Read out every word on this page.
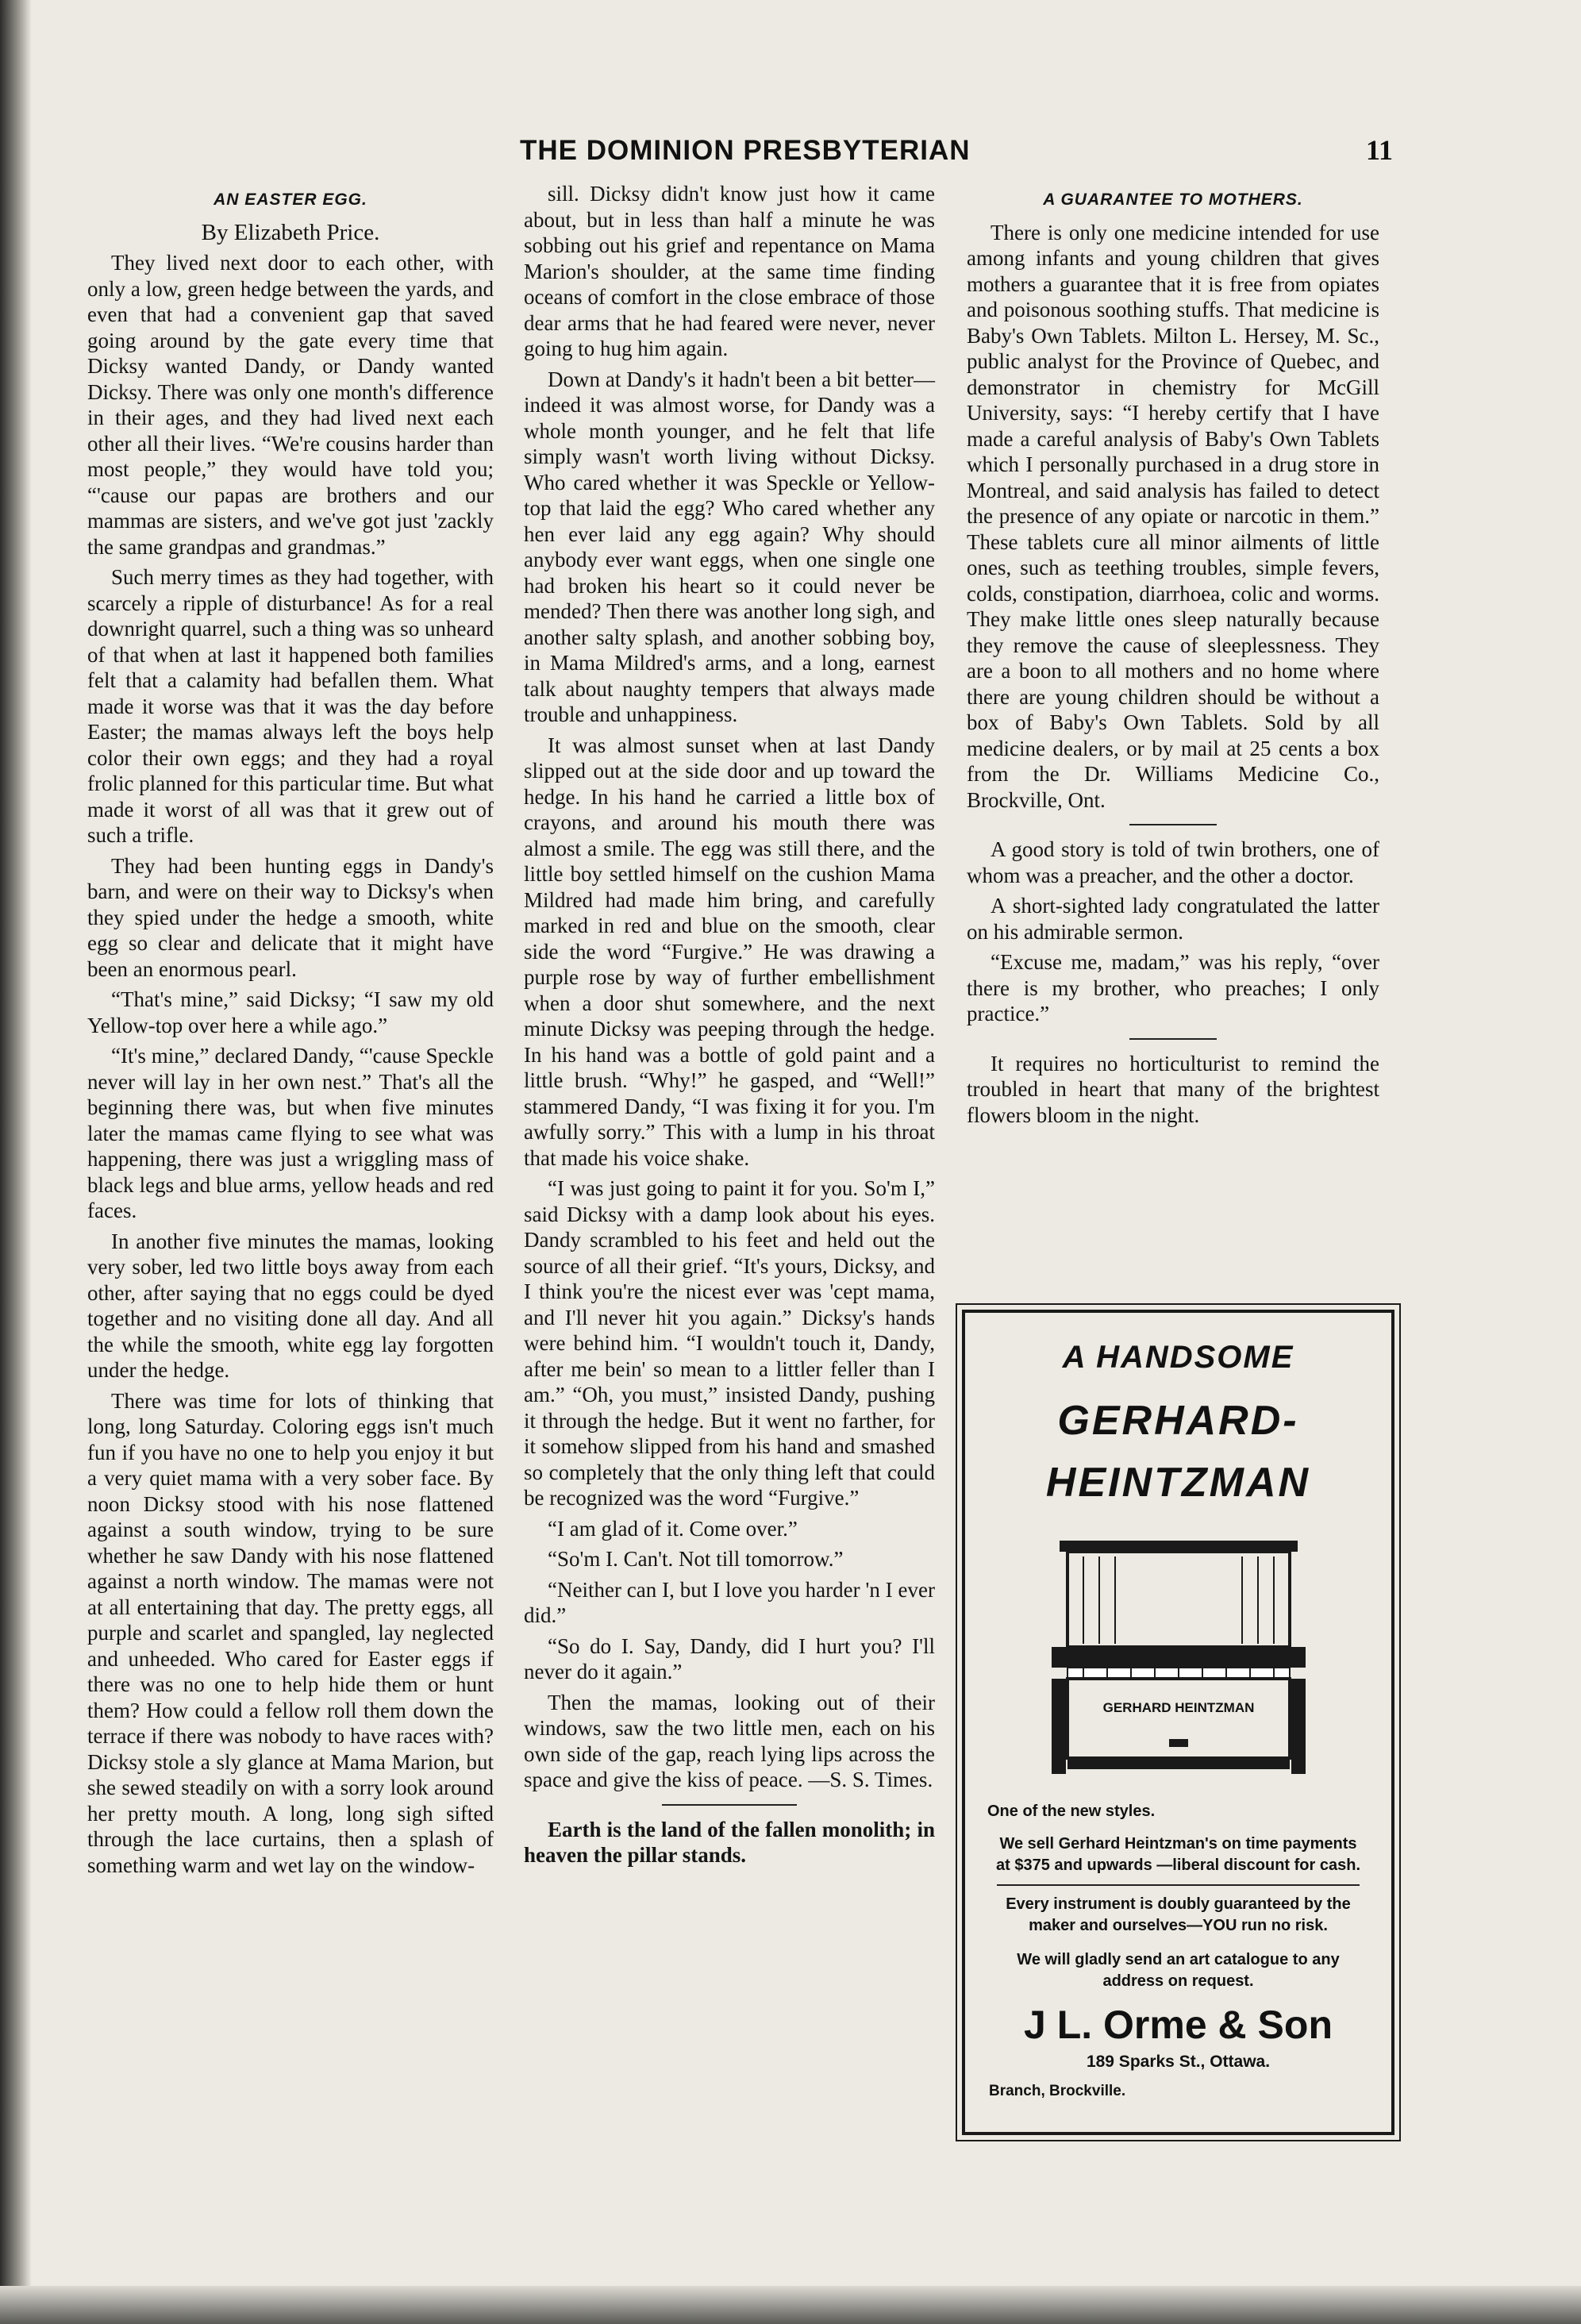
THE DOMINION PRESBYTERIAN	11
AN EASTER EGG.

By Elizabeth Price.

They lived next door to each other, with only a low, green hedge between the yards, and even that had a convenient gap that saved going around by the gate every time that Dicksy wanted Dandy, or Dandy wanted Dicksy. There was only one month's difference in their ages, and they had lived next each other all their lives. “We're cousins harder than most people,” they would have told you; “'cause our papas are brothers and our mammas are sisters, and we've got just 'zackly the same grandpas and grandmas.”

Such merry times as they had together, with scarcely a ripple of disturbance! As for a real downright quarrel, such a thing was so unheard of that when at last it happened both families felt that a calamity had befallen them. What made it worse was that it was the day before Easter; the mamas always left the boys help color their own eggs; and they had a royal frolic planned for this particular time. But what made it worst of all was that it grew out of such a trifle.

They had been hunting eggs in Dandy's barn, and were on their way to Dicksy's when they spied under the hedge a smooth, white egg so clear and delicate that it might have been an enormous pearl.

“That's mine,” said Dicksy; “I saw my old Yellow-top over here a while ago.”

“It's mine,” declared Dandy, “'cause Speckle never will lay in her own nest.” That's all the beginning there was, but when five minutes later the mamas came flying to see what was happening, there was just a wriggling mass of black legs and blue arms, yellow heads and red faces.

In another five minutes the mamas, looking very sober, led two little boys away from each other, after saying that no eggs could be dyed together and no visiting done all day. And all the while the smooth, white egg lay forgotten under the hedge.

There was time for lots of thinking that long, long Saturday. Coloring eggs isn't much fun if you have no one to help you enjoy it but a very quiet mama with a very sober face. By noon Dicksy stood with his nose flattened against a south window, trying to be sure whether he saw Dandy with his nose flattened against a north window. The mamas were not at all entertaining that day. The pretty eggs, all purple and scarlet and spangled, lay neglected and unheeded. Who cared for Easter eggs if there was no one to help hide them or hunt them? How could a fellow roll them down the terrace if there was nobody to have races with? Dicksy stole a sly glance at Mama Marion, but she sewed steadily on with a sorry look around her pretty mouth. A long, long sigh sifted through the lace curtains, then a splash of something warm and wet lay on the window-

sill. Dicksy didn't know just how it came about, but in less than half a minute he was sobbing out his grief and repentance on Mama Marion's shoulder, at the same time finding oceans of comfort in the close embrace of those dear arms that he had feared were never, never going to hug him again.

Down at Dandy's it hadn't been a bit better—indeed it was almost worse, for Dandy was a whole month younger, and he felt that life simply wasn't worth living without Dicksy. Who cared whether it was Speckle or Yellow-top that laid the egg? Who cared whether any hen ever laid any egg again? Why should anybody ever want eggs, when one single one had broken his heart so it could never be mended? Then there was another long sigh, and another salty splash, and another sobbing boy, in Mama Mildred's arms, and a long, earnest talk about naughty tempers that always made trouble and unhappiness.

It was almost sunset when at last Dandy slipped out at the side door and up toward the hedge. In his hand he carried a little box of crayons, and around his mouth there was almost a smile. The egg was still there, and the little boy settled himself on the cushion Mama Mildred had made him bring, and carefully marked in red and blue on the smooth, clear side the word “Furgive.” He was drawing a purple rose by way of further embellishment when a door shut somewhere, and the next minute Dicksy was peeping through the hedge. In his hand was a bottle of gold paint and a little brush. “Why!” he gasped, and “Well!” stammered Dandy, “I was fixing it for you. I'm awfully sorry.” This with a lump in his throat that made his voice shake.

“I was just going to paint it for you. So'm I,” said Dicksy with a damp look about his eyes. Dandy scrambled to his feet and held out the source of all their grief. “It's yours, Dicksy, and I think you're the nicest ever was 'cept mama, and I'll never hit you again.” Dicksy's hands were behind him. “I wouldn't touch it, Dandy, after me bein' so mean to a littler feller than I am.” “Oh, you must,” insisted Dandy, pushing it through the hedge. But it went no farther, for it somehow slipped from his hand and smashed so completely that the only thing left that could be recognized was the word “Furgive.”

“I am glad of it. Come over.”

“So'm I. Can't. Not till tomorrow.”

“Neither can I, but I love you harder 'n I ever did.”

“So do I. Say, Dandy, did I hurt you? I'll never do it again.”

Then the mamas, looking out of their windows, saw the two little men, each on his own side of the gap, reach lying lips across the space and give the kiss of peace. —S. S. Times.

Earth is the land of the fallen monolith; in heaven the pillar stands.

A GUARANTEE TO MOTHERS.

There is only one medicine intended for use among infants and young children that gives mothers a guarantee that it is free from opiates and poisonous soothing stuffs. That medicine is Baby's Own Tablets. Milton L. Hersey, M. Sc., public analyst for the Province of Quebec, and demonstrator in chemistry for McGill University, says: “I hereby certify that I have made a careful analysis of Baby's Own Tablets which I personally purchased in a drug store in Montreal, and said analysis has failed to detect the presence of any opiate or narcotic in them.” These tablets cure all minor ailments of little ones, such as teething troubles, simple fevers, colds, constipation, diarrhoea, colic and worms. They make little ones sleep naturally because they remove the cause of sleeplessness. They are a boon to all mothers and no home where there are young children should be without a box of Baby's Own Tablets. Sold by all medicine dealers, or by mail at 25 cents a box from the Dr. Williams Medicine Co., Brockville, Ont.

A good story is told of twin brothers, one of whom was a preacher, and the other a doctor.

A short-sighted lady congratulated the latter on his admirable sermon.

“Excuse me, madam,” was his reply, “over there is my brother, who preaches; I only practice.”

It requires no horticulturist to remind the troubled in heart that many of the brightest flowers bloom in the night.

A HANDSOME
GERHARD-
HEINTZMAN
GERHARD HEINTZMAN
One of the new styles.
We sell Gerhard Heintzman's on time payments at $375 and upwards —liberal discount for cash.
Every instrument is doubly guaranteed by the maker and ourselves—YOU run no risk.
We will gladly send an art catalogue to any address on request.
J L. Orme & Son
189 Sparks St., Ottawa.
Branch, Brockville.
